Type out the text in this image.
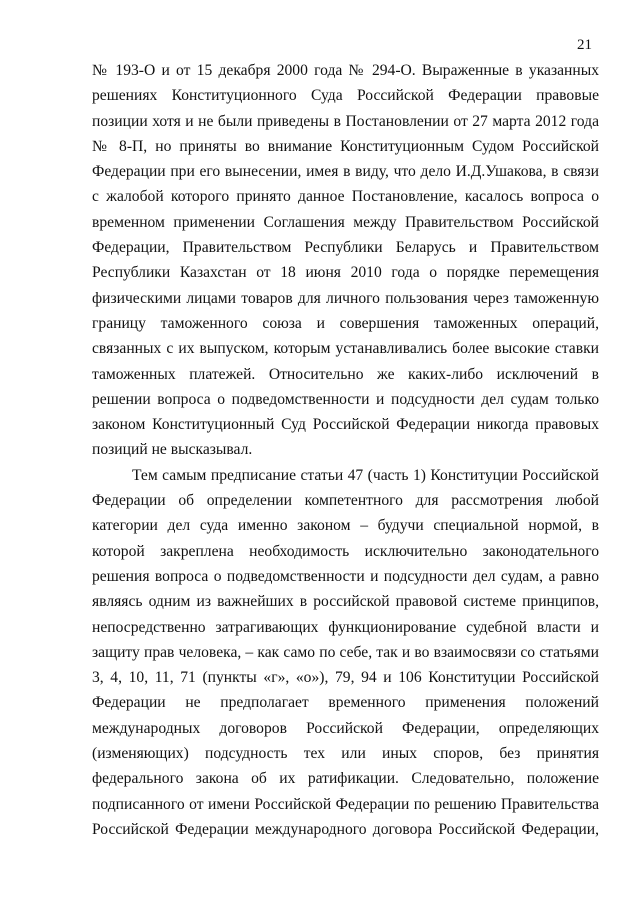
21
№ 193-О и от 15 декабря 2000 года № 294-О. Выраженные в указанных
решениях Конституционного Суда Российской Федерации правовые
позиции хотя и не были приведены в Постановлении от 27 марта 2012 года
№ 8-П, но приняты во внимание Конституционным Судом Российской
Федерации при его вынесении, имея в виду, что дело И.Д.Ушакова, в связи
с жалобой которого принято данное Постановление, касалось вопроса о
временном применении Соглашения между Правительством Российской
Федерации, Правительством Республики Беларусь и Правительством
Республики Казахстан от 18 июня 2010 года о порядке перемещения
физическими лицами товаров для личного пользования через таможенную
границу таможенного союза и совершения таможенных операций,
связанных с их выпуском, которым устанавливались более высокие ставки
таможенных платежей. Относительно же каких-либо исключений в
решении вопроса о подведомственности и подсудности дел судам только
законом Конституционный Суд Российской Федерации никогда правовых
позиций не высказывал.
Тем самым предписание статьи 47 (часть 1) Конституции Российской
Федерации об определении компетентного для рассмотрения любой
категории дел суда именно законом – будучи специальной нормой, в
которой закреплена необходимость исключительно законодательного
решения вопроса о подведомственности и подсудности дел судам, а равно
являясь одним из важнейших в российской правовой системе принципов,
непосредственно затрагивающих функционирование судебной власти и
защиту прав человека, – как само по себе, так и во взаимосвязи со статьями
3, 4, 10, 11, 71 (пункты «г», «о»), 79, 94 и 106 Конституции Российской
Федерации не предполагает временного применения положений
международных договоров Российской Федерации, определяющих
(изменяющих) подсудность тех или иных споров, без принятия
федерального закона об их ратификации. Следовательно, положение
подписанного от имени Российской Федерации по решению Правительства
Российской Федерации международного договора Российской Федерации,
